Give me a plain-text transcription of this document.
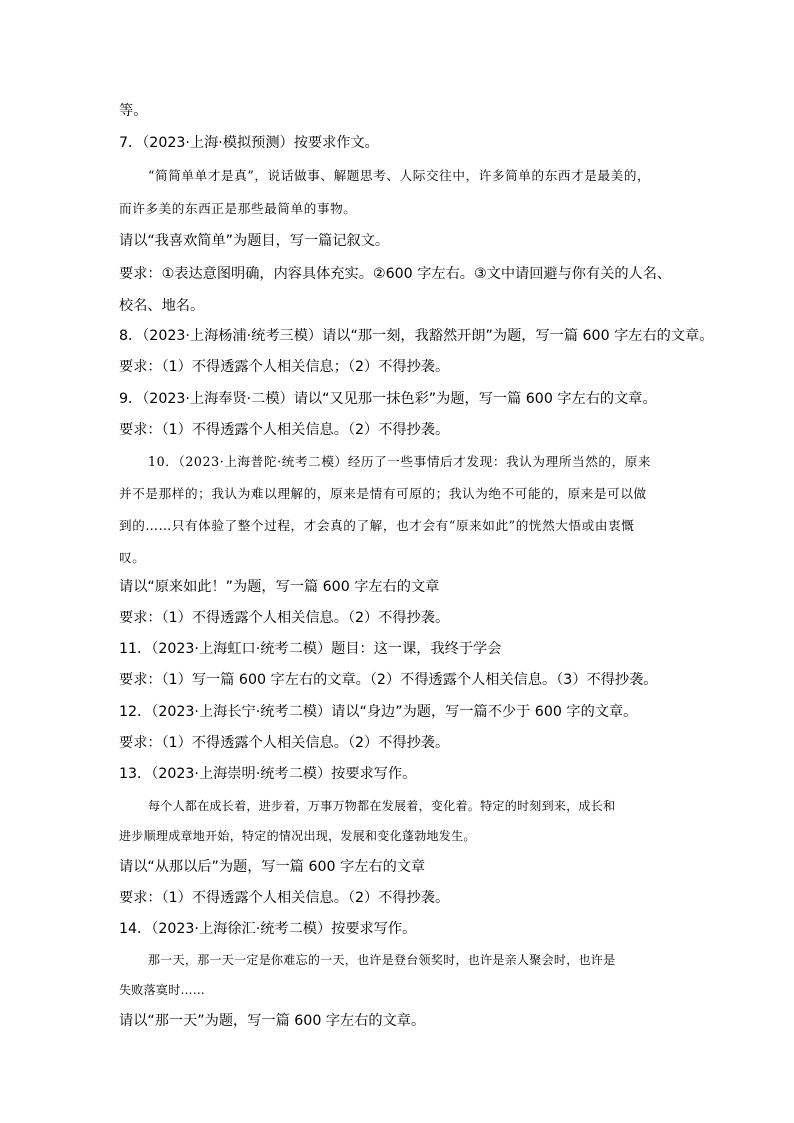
等。
7．（2023·上海·模拟预测）按要求作文。
“简简单单才是真”，说话做事、解题思考、人际交往中，许多简单的东西才是最美的，
而许多美的东西正是那些最简单的事物。
请以“我喜欢简单”为题目，写一篇记叙文。
要求：①表达意图明确，内容具体充实。②600 字左右。③文中请回避与你有关的人名、
校名、地名。
8．（2023·上海杨浦·统考三模）请以“那一刻，我豁然开朗”为题，写一篇 600 字左右的文章。
要求：（1）不得透露个人相关信息；（2）不得抄袭。
9．（2023·上海奉贤·二模）请以“又见那一抹色彩”为题，写一篇 600 字左右的文章。
要求：（1）不得透露个人相关信息。（2）不得抄袭。
10．（2023·上海普陀·统考二模）经历了一些事情后才发现：我认为理所当然的，原来
并不是那样的；我认为难以理解的，原来是情有可原的；我认为绝不可能的，原来是可以做
到的……只有体验了整个过程，才会真的了解，也才会有“原来如此”的恍然大悟或由衷慨
叹。
请以“原来如此！”为题，写一篇 600 字左右的文章
要求：（1）不得透露个人相关信息。（2）不得抄袭。
11．（2023·上海虹口·统考二模）题目：这一课，我终于学会
要求：（1）写一篇 600 字左右的文章。（2）不得透露个人相关信息。（3）不得抄袭。
12．（2023·上海长宁·统考二模）请以“身边”为题，写一篇不少于 600 字的文章。
要求：（1）不得透露个人相关信息。（2）不得抄袭。
13．（2023·上海崇明·统考二模）按要求写作。
每个人都在成长着，进步着，万事万物都在发展着，变化着。特定的时刻到来，成长和
进步顺理成章地开始，特定的情况出现，发展和变化蓬勃地发生。
请以“从那以后”为题，写一篇 600 字左右的文章
要求：（1）不得透露个人相关信息。（2）不得抄袭。
14．（2023·上海徐汇·统考二模）按要求写作。
那一天，那一天一定是你难忘的一天，也许是登台领奖时，也许是亲人聚会时，也许是
失败落寞时……
请以“那一天”为题，写一篇 600 字左右的文章。
